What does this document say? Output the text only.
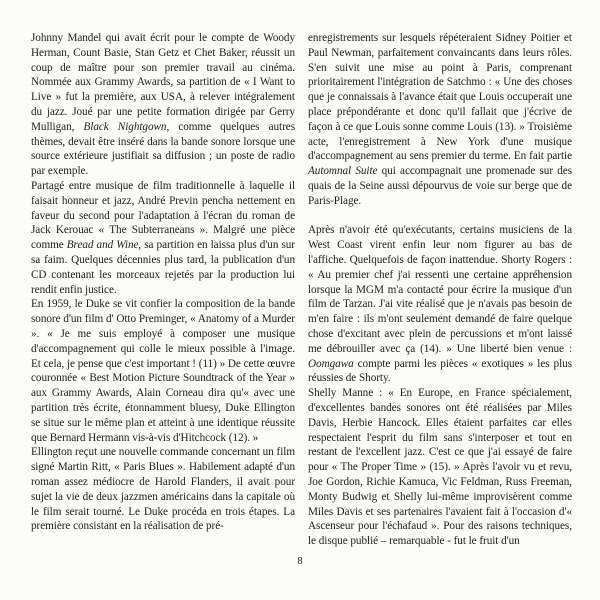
Johnny Mandel qui avait écrit pour le compte de Woody Herman, Count Basie, Stan Getz et Chet Baker, réussit un coup de maître pour son premier travail au cinéma. Nommée aux Grammy Awards, sa partition de « I Want to Live » fut la première, aux USA, à relever intégralement du jazz. Joué par une petite formation dirigée par Gerry Mulligan, Black Nightgown, comme quelques autres thèmes, devait être inséré dans la bande sonore lorsque une source extérieure justifiait sa diffusion ; un poste de radio par exemple.

Partagé entre musique de film traditionnelle à laquelle il faisait honneur et jazz, André Previn pencha nettement en faveur du second pour l'adaptation à l'écran du roman de Jack Kerouac « The Subterraneans ». Malgré une pièce comme Bread and Wine, sa partition en laissa plus d'un sur sa faim. Quelques décennies plus tard, la publication d'un CD contenant les morceaux rejetés par la production lui rendit enfin justice.

En 1959, le Duke se vit confier la composition de la bande sonore d'un film d' Otto Preminger, « Anatomy of a Murder ». « Je me suis employé à composer une musique d'accompagnement qui colle le mieux possible à l'image. Et cela, je pense que c'est important ! (11) » De cette œuvre couronnée « Best Motion Picture Soundtrack of the Year » aux Grammy Awards, Alain Corneau dira qu'« avec une partition très écrite, étonnamment bluesy, Duke Ellington se situe sur le même plan et atteint à une identique réussite que Bernard Hermann vis-à-vis d'Hitchcock (12). »

Ellington reçut une nouvelle commande concernant un film signé Martin Ritt, « Paris Blues ». Habilement adapté d'un roman assez médiocre de Harold Flanders, il avait pour sujet la vie de deux jazzmen américains dans la capitale où le film serait tourné. Le Duke procéda en trois étapes. La première consistant en la réalisation de pré-

enregistrements sur lesquels répéteraient Sidney Poitier et Paul Newman, parfaitement convaincants dans leurs rôles. S'en suivit une mise au point à Paris, comprenant prioritairement l'intégration de Satchmo : « Une des choses que je connaissais à l'avance était que Louis occuperait une place prépondérante et donc qu'il fallait que j'écrive de façon à ce que Louis sonne comme Louis (13). » Troisième acte, l'enregistrement à New York d'une musique d'accompagnement au sens premier du terme. En fait partie Automnal Suite qui accompagnait une promenade sur des quais de la Seine aussi dépourvus de voie sur berge que de Paris-Plage.

Après n'avoir été qu'exécutants, certains musiciens de la West Coast virent enfin leur nom figurer au bas de l'affiche. Quelquefois de façon inattendue. Shorty Rogers : « Au premier chef j'ai ressenti une certaine appréhension lorsque la MGM m'a contacté pour écrire la musique d'un film de Tarzan. J'ai vite réalisé que je n'avais pas besoin de m'en faire : ils m'ont seulement demandé de faire quelque chose d'excitant avec plein de percussions et m'ont laissé me débrouiller avec ça (14). » Une liberté bien venue : Oomgawa compte parmi les pièces « exotiques » les plus réussies de Shorty.

Shelly Manne : « En Europe, en France spécialement, d'excellentes bandes sonores ont été réalisées par Miles Davis, Herbie Hancock. Elles étaient parfaites car elles respectaient l'esprit du film sans s'interposer et tout en restant de l'excellent jazz. C'est ce que j'ai essayé de faire pour « The Proper Time » (15). » Après l'avoir vu et revu, Joe Gordon, Richie Kamuca, Vic Feldman, Russ Freeman, Monty Budwig et Shelly lui-même improvisèrent comme Miles Davis et ses partenaires l'avaient fait à l'occasion d'« Ascenseur pour l'échafaud ». Pour des raisons techniques, le disque publié – remarquable - fut le fruit d'un

8
